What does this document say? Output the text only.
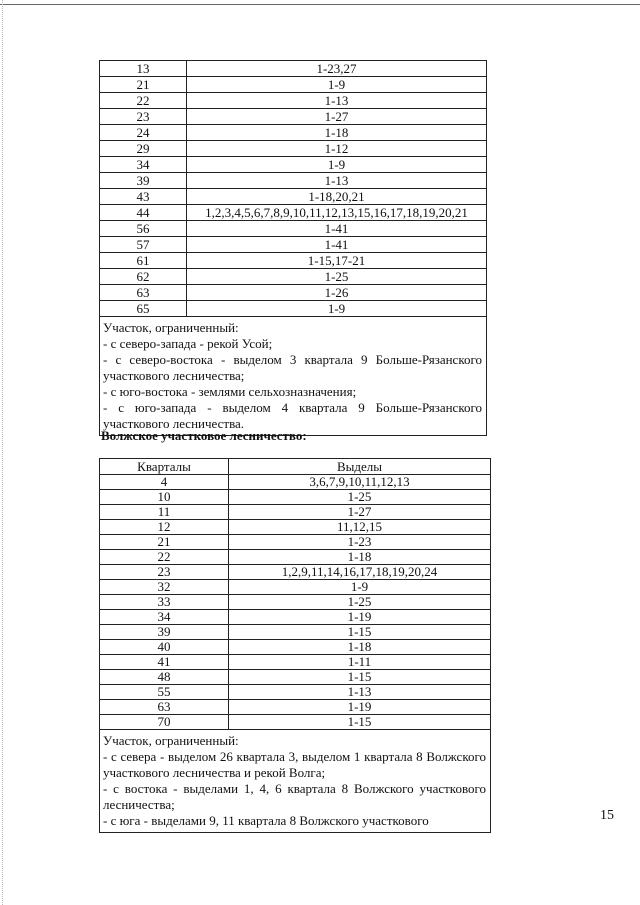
13	1-23,27
21	1-9
22	1-13
23	1-27
24	1-18
29	1-12
34	1-9
39	1-13
43	1-18,20,21
44	1,2,3,4,5,6,7,8,9,10,11,12,13,15,16,17,18,19,20,21
56	1-41
57	1-41
61	1-15,17-21
62	1-25
63	1-26
65	1-9

Участок, ограниченный:
- с северо-запада - рекой Усой;
- с северо-востока - выделом 3 квартала 9 Больше-Рязанского участкового лесничества;
- с юго-востока - землями сельхозназначения;
- с юго-запада - выделом 4 квартала 9 Больше-Рязанского участкового лесничества.	
Волжское участковое лесничество:
Кварталы	Выделы
4	3,6,7,9,10,11,12,13
10	1-25
11	1-27
12	11,12,15
21	1-23
22	1-18
23	1,2,9,11,14,16,17,18,19,20,24
32	1-9
33	1-25
34	1-19
39	1-15
40	1-18
41	1-11
48	1-15
55	1-13
63	1-19
70	1-15

Участок, ограниченный:
- с севера - выделом 26 квартала 3, выделом 1 квартала 8 Волжского участкового лесничества и рекой Волга;
- с востока - выделами 1, 4, 6 квартала 8 Волжского участкового лесничества;
- с юга - выделами 9, 11 квартала 8 Волжского участкового		15
